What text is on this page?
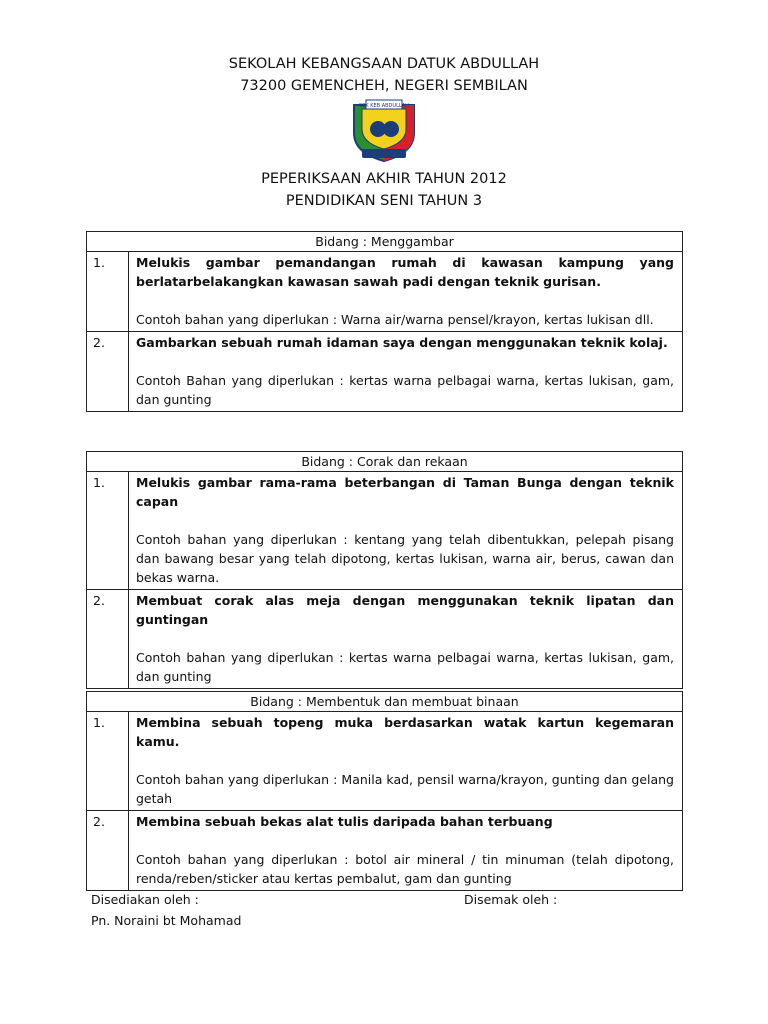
SEKOLAH KEBANGSAAN DATUK ABDULLAH
73200 GEMENCHEH, NEGERI SEMBILAN
SEK KEB ABDULLAH
PEPERIKSAAN AKHIR TAHUN 2012
PENDIDIKAN SENI TAHUN 3
Bidang : Menggambar	
1.	Melukis gambar pemandangan rumah di kawasan kampung yang berlatarbelakangkan kawasan sawah padi dengan teknik gurisan.
Contoh bahan yang diperlukan : Warna air/warna pensel/krayon, kertas lukisan dll.

2.	Gambarkan sebuah rumah idaman saya dengan menggunakan teknik kolaj.
Contoh Bahan yang diperlukan : kertas warna pelbagai warna, kertas lukisan, gam, dan gunting
Bidang : Corak dan rekaan	
1.	Melukis gambar rama-rama beterbangan di Taman Bunga dengan teknik capan
Contoh bahan yang diperlukan : kentang yang telah dibentukkan, pelepah pisang dan bawang besar yang telah dipotong, kertas lukisan, warna air, berus, cawan dan bekas warna.

2.	Membuat corak alas meja dengan menggunakan teknik lipatan dan guntingan
Contoh bahan yang diperlukan : kertas warna pelbagai warna, kertas lukisan, gam, dan gunting
Bidang : Membentuk dan membuat binaan	
1.	Membina sebuah topeng muka berdasarkan watak kartun kegemaran kamu.
Contoh bahan yang diperlukan : Manila kad, pensil warna/krayon, gunting dan gelang getah

2.	Membina sebuah bekas alat tulis daripada bahan terbuang
Contoh bahan yang diperlukan : botol air mineral / tin minuman (telah dipotong, renda/reben/sticker atau kertas pembalut, gam dan gunting
Disediakan oleh :
Pn. Noraini bt Mohamad
Disemak oleh :
